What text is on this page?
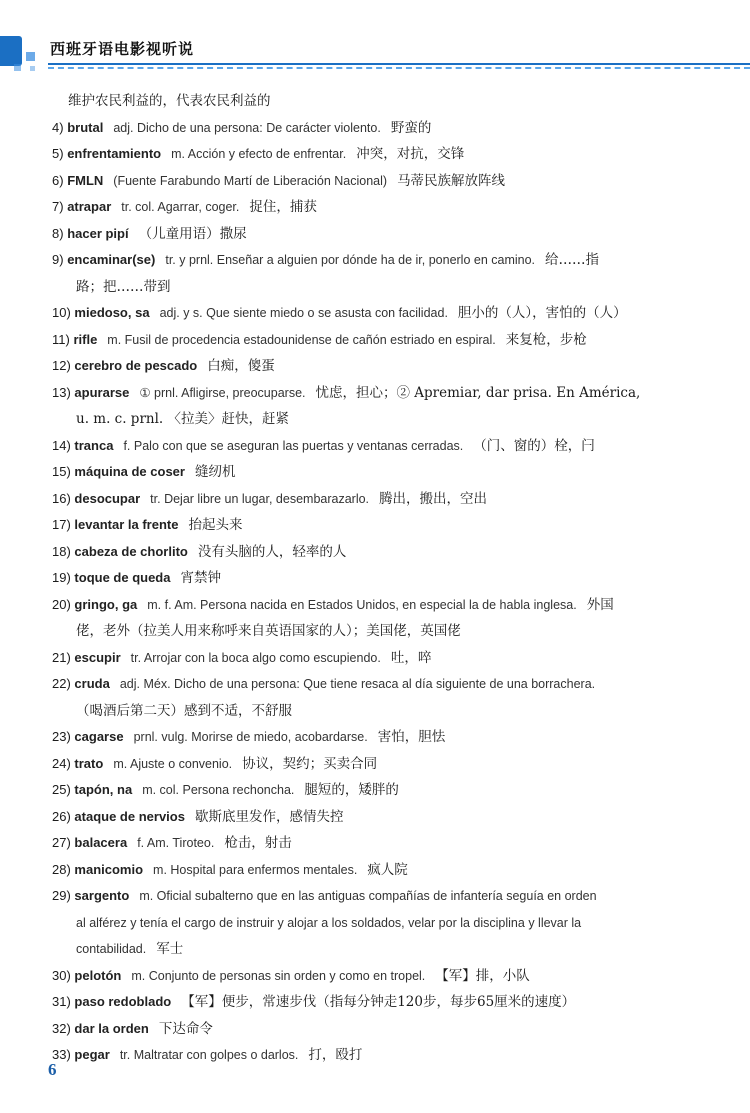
西班牙语电影视听说
维护农民利益的，代表农民利益的
4) brutal adj. Dicho de una persona: De carácter violento. 野蛮的
5) enfrentamiento m. Acción y efecto de enfrentar. 冲突，对抗，交锋
6) FMLN (Fuente Farabundo Martí de Liberación Nacional) 马蒂民族解放阵线
7) atrapar tr. col. Agarrar, coger. 捉住，捕获
8) hacer pipí （儿童用语）撒尿
9) encaminar(se) tr. y prnl. Enseñar a alguien por dónde ha de ir, ponerlo en camino. 给……指
路；把……带到
10) miedoso, sa adj. y s. Que siente miedo o se asusta con facilidad. 胆小的（人），害怕的（人）
11) rifle m. Fusil de procedencia estadounidense de cañón estriado en espiral. 来复枪，步枪
12) cerebro de pescado 白痴，傻蛋
13) apurarse ① prnl. Afligirse, preocuparse. 忧虑，担心；② Apremiar, dar prisa. En América,
u. m. c. prnl. 〈拉美〉赶快，赶紧
14) tranca f. Palo con que se aseguran las puertas y ventanas cerradas. （门、窗的）栓，闩
15) máquina de coser 缝纫机
16) desocupar tr. Dejar libre un lugar, desembarazarlo. 腾出，搬出，空出
17) levantar la frente 抬起头来
18) cabeza de chorlito 没有头脑的人，轻率的人
19) toque de queda 宵禁钟
20) gringo, ga m. f. Am. Persona nacida en Estados Unidos, en especial la de habla inglesa. 外国
佬，老外（拉美人用来称呼来自英语国家的人）；美国佬，英国佬
21) escupir tr. Arrojar con la boca algo como escupiendo. 吐，啐
22) cruda adj. Méx. Dicho de una persona: Que tiene resaca al día siguiente de una borrachera.
（喝酒后第二天）感到不适，不舒服
23) cagarse prnl. vulg. Morirse de miedo, acobardarse. 害怕，胆怯
24) trato m. Ajuste o convenio. 协议，契约；买卖合同
25) tapón, na m. col. Persona rechoncha. 腿短的，矮胖的
26) ataque de nervios 歇斯底里发作，感情失控
27) balacera f. Am. Tiroteo. 枪击，射击
28) manicomio m. Hospital para enfermos mentales. 疯人院
29) sargento m. Oficial subalterno que en las antiguas compañías de infantería seguía en orden
al alférez y tenía el cargo de instruir y alojar a los soldados, velar por la disciplina y llevar la
contabilidad. 军士
30) pelotón m. Conjunto de personas sin orden y como en tropel. 【军】排，小队
31) paso redoblado 【军】便步，常速步伐（指每分钟走120步，每步65厘米的速度）
32) dar la orden 下达命令
33) pegar tr. Maltratar con golpes o darlos. 打，殴打
6
